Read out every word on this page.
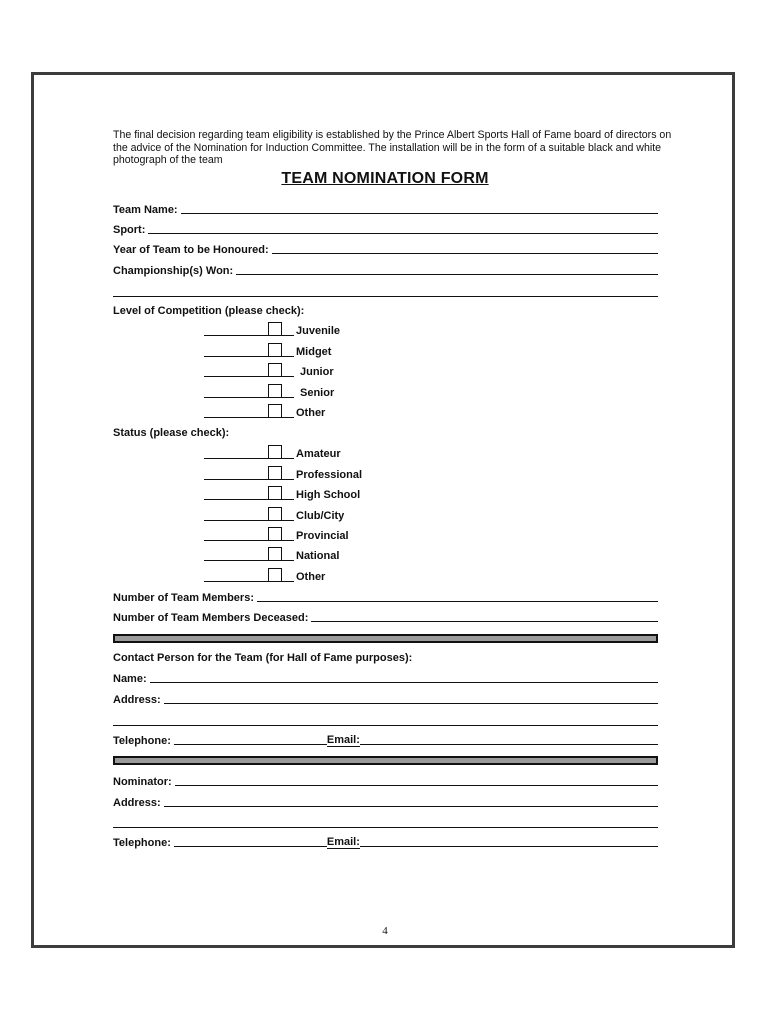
The final decision regarding team eligibility is established by the Prince Albert Sports Hall of Fame board of directors on the advice of the Nomination for Induction Committee. The installation will be in the form of a suitable black and white photograph of the team
TEAM NOMINATION FORM
Team Name:
Sport:
Year of Team to be Honoured:
Championship(s) Won:
Level of Competition (please check):
Juvenile
Midget
Junior
Senior
Other
Status (please check):
Amateur
Professional
High School
Club/City
Provincial
National
Other
Number of Team Members:
Number of Team Members Deceased:
Contact Person for the Team (for Hall of Fame purposes):
Name:
Address:
Telephone:	Email:
Nominator:
Address:
Telephone:	Email:
4
